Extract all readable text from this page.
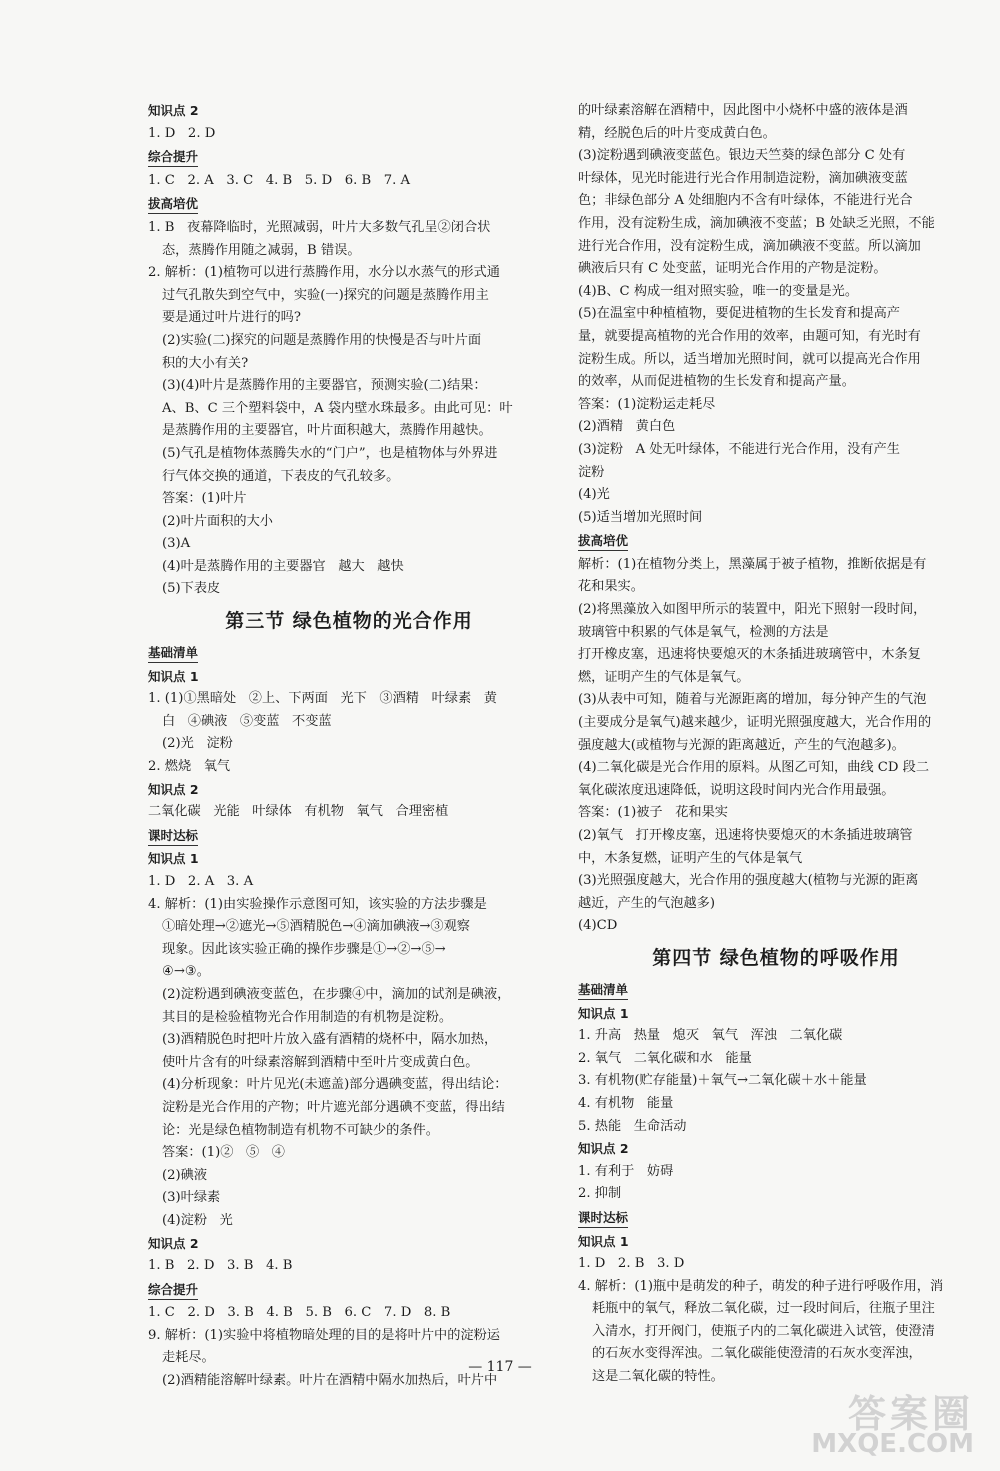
知识点 2
1. D   2. D
综合提升
1. C   2. A   3. C   4. B   5. D   6. B   7. A
拔高培优
1. B   夜幕降临时，光照减弱，叶片大多数气孔呈②闭合状
态，蒸腾作用随之减弱，B 错误。
2. 解析：(1)植物可以进行蒸腾作用，水分以水蒸气的形式通
过气孔散失到空气中，实验(一)探究的问题是蒸腾作用主
要是通过叶片进行的吗?
(2)实验(二)探究的问题是蒸腾作用的快慢是否与叶片面
积的大小有关?
(3)(4)叶片是蒸腾作用的主要器官，预测实验(二)结果：
A、B、C 三个塑料袋中，A 袋内壁水珠最多。由此可见：叶
是蒸腾作用的主要器官，叶片面积越大，蒸腾作用越快。
(5)气孔是植物体蒸腾失水的“门户”，也是植物体与外界进
行气体交换的通道，下表皮的气孔较多。
答案：(1)叶片
(2)叶片面积的大小
(3)A
(4)叶是蒸腾作用的主要器官   越大   越快
(5)下表皮
第三节 绿色植物的光合作用
基础清单
知识点 1
1. (1)①黑暗处   ②上、下两面   光下   ③酒精   叶绿素   黄
白   ④碘液   ⑤变蓝   不变蓝
(2)光   淀粉
2. 燃烧   氧气
知识点 2
二氧化碳   光能   叶绿体   有机物   氧气   合理密植
课时达标
知识点 1
1. D   2. A   3. A
4. 解析：(1)由实验操作示意图可知，该实验的方法步骤是
①暗处理→②遮光→⑤酒精脱色→④滴加碘液→③观察
现象。因此该实验正确的操作步骤是①→②→⑤→
④→③。
(2)淀粉遇到碘液变蓝色，在步骤④中，滴加的试剂是碘液，
其目的是检验植物光合作用制造的有机物是淀粉。
(3)酒精脱色时把叶片放入盛有酒精的烧杯中，隔水加热，
使叶片含有的叶绿素溶解到酒精中至叶片变成黄白色。
(4)分析现象：叶片见光(未遮盖)部分遇碘变蓝，得出结论：
淀粉是光合作用的产物；叶片遮光部分遇碘不变蓝，得出结
论：光是绿色植物制造有机物不可缺少的条件。
答案：(1)②   ⑤   ④
(2)碘液
(3)叶绿素
(4)淀粉   光
知识点 2
1. B   2. D   3. B   4. B
综合提升
1. C   2. D   3. B   4. B   5. B   6. C   7. D   8. B
9. 解析：(1)实验中将植物暗处理的目的是将叶片中的淀粉运
走耗尽。
(2)酒精能溶解叶绿素。叶片在酒精中隔水加热后，叶片中
的叶绿素溶解在酒精中，因此图中小烧杯中盛的液体是酒
精，经脱色后的叶片变成黄白色。
(3)淀粉遇到碘液变蓝色。银边天竺葵的绿色部分 C 处有
叶绿体，见光时能进行光合作用制造淀粉，滴加碘液变蓝
色；非绿色部分 A 处细胞内不含有叶绿体，不能进行光合
作用，没有淀粉生成，滴加碘液不变蓝；B 处缺乏光照，不能
进行光合作用，没有淀粉生成，滴加碘液不变蓝。所以滴加
碘液后只有 C 处变蓝，证明光合作用的产物是淀粉。
(4)B、C 构成一组对照实验，唯一的变量是光。
(5)在温室中种植植物，要促进植物的生长发育和提高产
量，就要提高植物的光合作用的效率，由题可知，有光时有
淀粉生成。所以，适当增加光照时间，就可以提高光合作用
的效率，从而促进植物的生长发育和提高产量。
答案：(1)淀粉运走耗尽
(2)酒精   黄白色
(3)淀粉   A 处无叶绿体，不能进行光合作用，没有产生
淀粉
(4)光
(5)适当增加光照时间
拔高培优
解析：(1)在植物分类上，黑藻属于被子植物，推断依据是有
花和果实。
(2)将黑藻放入如图甲所示的装置中，阳光下照射一段时间，
玻璃管中积累的气体是氧气，检测的方法是
打开橡皮塞，迅速将快要熄灭的木条插进玻璃管中，木条复
燃，证明产生的气体是氧气。
(3)从表中可知，随着与光源距离的增加，每分钟产生的气泡
(主要成分是氧气)越来越少，证明光照强度越大，光合作用的
强度越大(或植物与光源的距离越近，产生的气泡越多)。
(4)二氧化碳是光合作用的原料。从图乙可知，曲线 CD 段二
氧化碳浓度迅速降低，说明这段时间内光合作用最强。
答案：(1)被子   花和果实
(2)氧气   打开橡皮塞，迅速将快要熄灭的木条插进玻璃管
中，木条复燃，证明产生的气体是氧气
(3)光照强度越大，光合作用的强度越大(植物与光源的距离
越近，产生的气泡越多)
(4)CD
第四节 绿色植物的呼吸作用
基础清单
知识点 1
1. 升高   热量   熄灭   氧气   浑浊   二氧化碳
2. 氧气   二氧化碳和水   能量
3. 有机物(贮存能量)＋氧气→二氧化碳＋水＋能量
4. 有机物   能量
5. 热能   生命活动
知识点 2
1. 有利于   妨碍
2. 抑制
课时达标
知识点 1
1. D   2. B   3. D
4. 解析：(1)瓶中是萌发的种子，萌发的种子进行呼吸作用，消
耗瓶中的氧气，释放二氧化碳，过一段时间后，往瓶子里注
入清水，打开阀门，使瓶子内的二氧化碳进入试管，使澄清
的石灰水变得浑浊。二氧化碳能使澄清的石灰水变浑浊，
这是二氧化碳的特性。
— 117 —
答案圈
MXQE.COM
